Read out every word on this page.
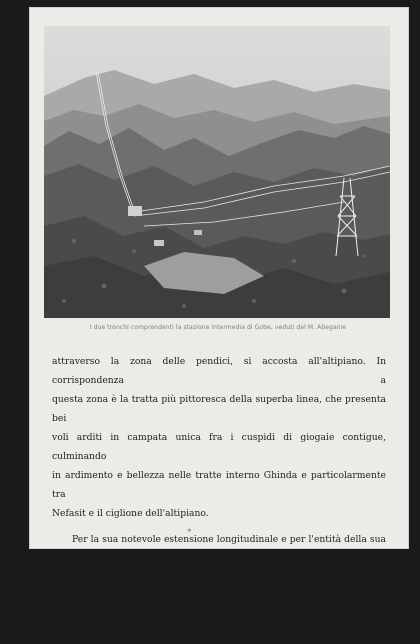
I due tronchi comprendenti la stazione intermedia di Gobe, veduti dal M. Abeganie

attraverso la zona delle pendici, si accosta all'altipiano. In corrispondenza a

questa zona è la tratta più pittoresca della superba linea, che presenta bei

voli arditi in campata unica fra i cuspidi di giogaie contigue, culminando

in ardimento e bellezza nelle tratte interno Ghinda e particolarmente tra

Nefasit e il ciglione dell'altipiano.

Per la sua notevole estensione longitudinale e per l'entità della sua

variazione altimetrica fra mare e altipiano, la teleferica eritrea passa si

può dire in rassegna tutti i climi e tutte le stagioni lungo il suo percorso:

perchè come la temperatura, funzione dell'altitudine, varia dalla canicola

✦
